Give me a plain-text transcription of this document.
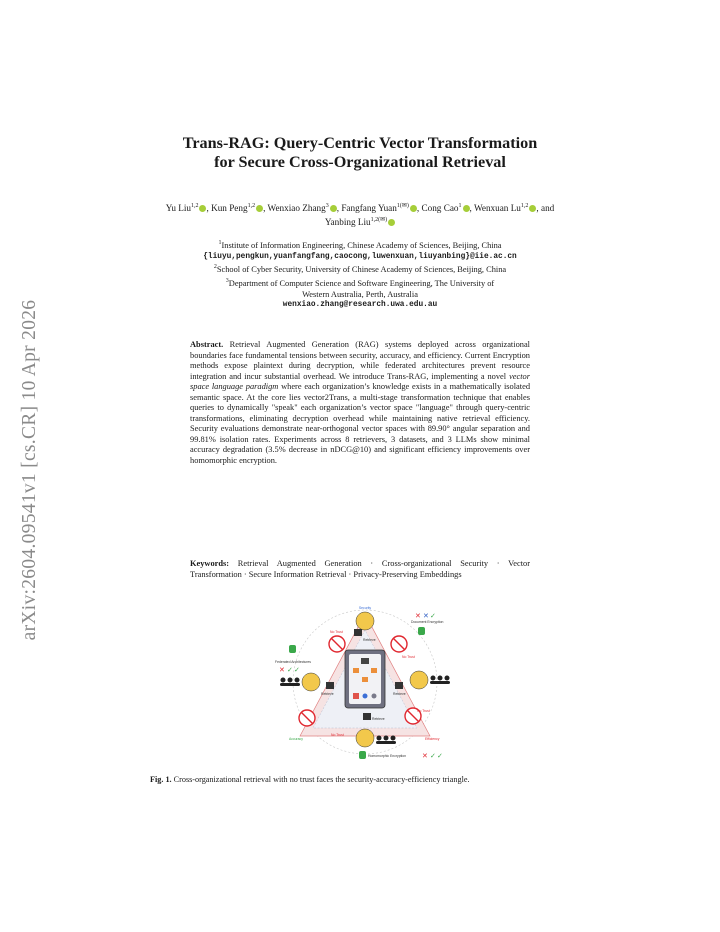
arXiv:2604.09541v1 [cs.CR] 10 Apr 2026
Trans-RAG: Query-Centric Vector Transformation
for Secure Cross-Organizational Retrieval
Yu Liu$^{1,2}$ , Kun Peng$^{1,2}$ , Wenxiao Zhang$^3$ , Fangfang Yuan$^{1(✉)}$ , Cong Cao$^1$ , Wenxuan Lu$^{1,2}$ , and Yanbing Liu$^{1,2(✉)}$
$^1$Institute of Information Engineering, Chinese Academy of Sciences, Beijing, China
{liuyu,pengkun,yuanfangfang,caocong,luwenxuan,liuyanbing}@iie.ac.cn
$^2$School of Cyber Security, University of Chinese Academy of Sciences, Beijing, China
$^3$Department of Computer Science and Software Engineering, The University of
Western Australia, Perth, Australia
wenxiao.zhang@research.uwa.edu.au
Abstract. Retrieval Augmented Generation (RAG) systems deployed across organizational boundaries face fundamental tensions between security, accuracy, and efficiency. Current Encryption methods expose plaintext during decryption, while federated architectures prevent resource integration and incur substantial overhead. We introduce Trans-RAG, implementing a novel vector space language paradigm where each organization’s knowledge exists in a mathematically isolated semantic space. At the core lies vector2Trans, a multi-stage transformation technique that enables queries to dynamically "speak" each organization’s vector space "language" through query-centric transformations, eliminating decryption overhead while maintaining native retrieval efficiency. Security evaluations demonstrate near-orthogonal vector spaces with 89.90° angular separation and 99.81% isolation rates. Experiments across 8 retrievers, 3 datasets, and 3 LLMs show minimal accuracy degradation (3.5% decrease in nDCG@10) and significant efficiency improvements over homomorphic encryption.
Keywords: Retrieval Augmented Generation · Cross-organizational Security · Vector Transformation · Secure Information Retrieval · Privacy-Preserving Embeddings
Security
No Trust
No Trust
Document Encryption
✕ ✕ ✓
Retrieve
Federated Architectures
✕ ✓ ✓
Retrieve	Retrieve
No Trust
No Trust
Accuracy	Efficiency
Retrieve
Homomorphic Encryption ✕ ✓ ✓
Fig. 1. Cross-organizational retrieval with no trust faces the security-accuracy-efficiency triangle.
